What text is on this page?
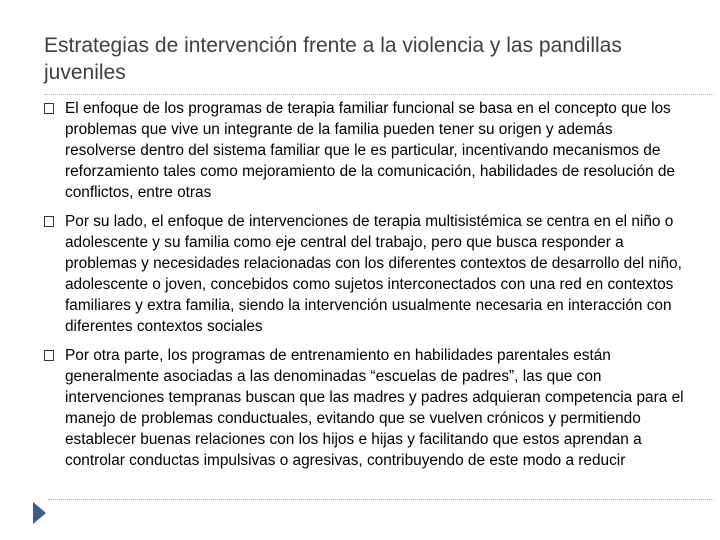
Estrategias de intervención frente a la violencia y las pandillas juveniles
El enfoque de los programas de terapia familiar funcional se basa en el concepto que los problemas que vive un integrante de la familia pueden tener su origen y además resolverse dentro del sistema familiar que le es particular, incentivando mecanismos de reforzamiento tales como mejoramiento de la comunicación, habilidades de resolución de conflictos, entre otras
Por su lado, el enfoque de intervenciones de terapia multisistémica se centra en el niño o adolescente y su familia como eje central del trabajo, pero que busca responder a problemas y necesidades relacionadas con los diferentes contextos de desarrollo del niño, adolescente o joven, concebidos como sujetos interconectados con una red en contextos familiares y extra familia, siendo la intervención usualmente necesaria en interacción con diferentes contextos sociales
Por otra parte, los programas de entrenamiento en habilidades parentales están generalmente asociadas a las denominadas “escuelas de padres”, las que con intervenciones tempranas buscan que las madres y padres adquieran competencia para el manejo de problemas conductuales, evitando que se vuelven crónicos y permitiendo establecer buenas relaciones con los hijos e hijas y facilitando que estos aprendan a controlar conductas impulsivas o agresivas, contribuyendo de este modo a reducir
